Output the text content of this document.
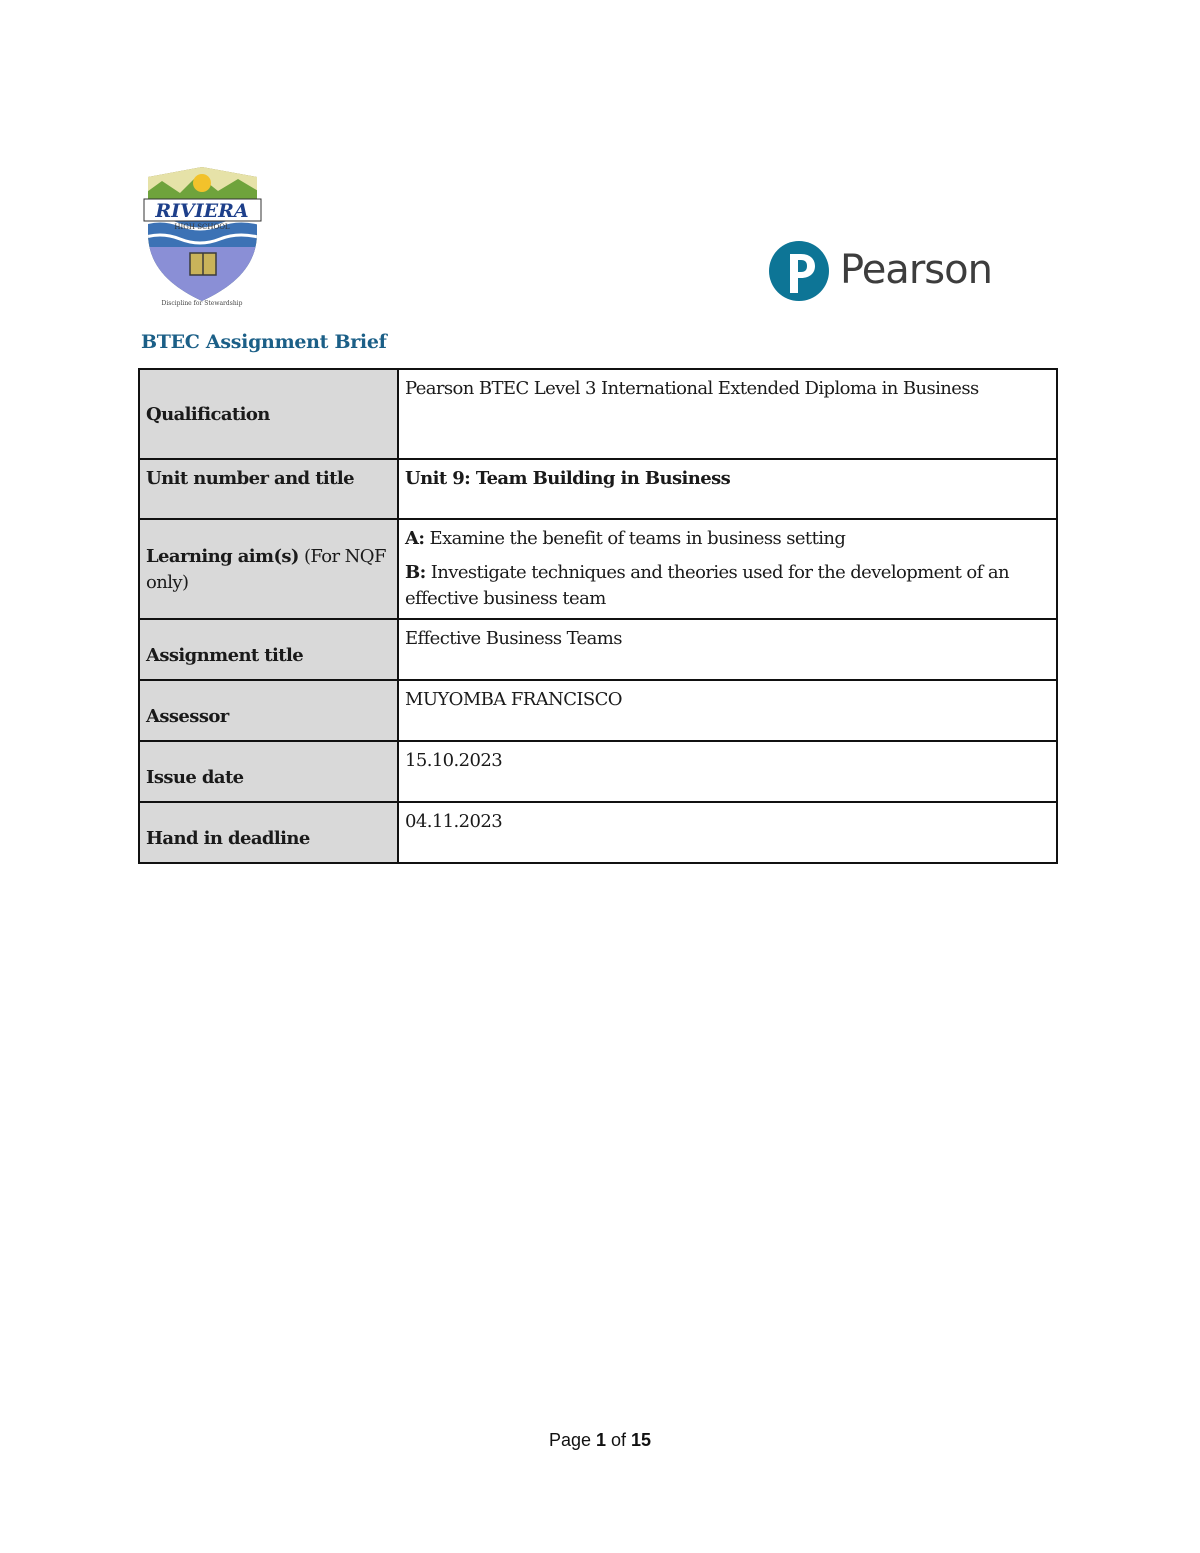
RIVIERA
HIGH SCHOOL
Discipline for Stewardship
Pearson
BTEC Assignment Brief
Qualification	Pearson BTEC Level 3 International Extended Diploma in Business
Unit number and title	Unit 9: Team Building in Business
Learning aim(s) (For NQF only)	A: Examine the benefit of teams in business setting
B: Investigate techniques and theories used for the development of an effective business team

Assignment title	Effective Business Teams
Assessor	MUYOMBA FRANCISCO
Issue date	15.10.2023
Hand in deadline	04.11.2023
Page 1 of 15
